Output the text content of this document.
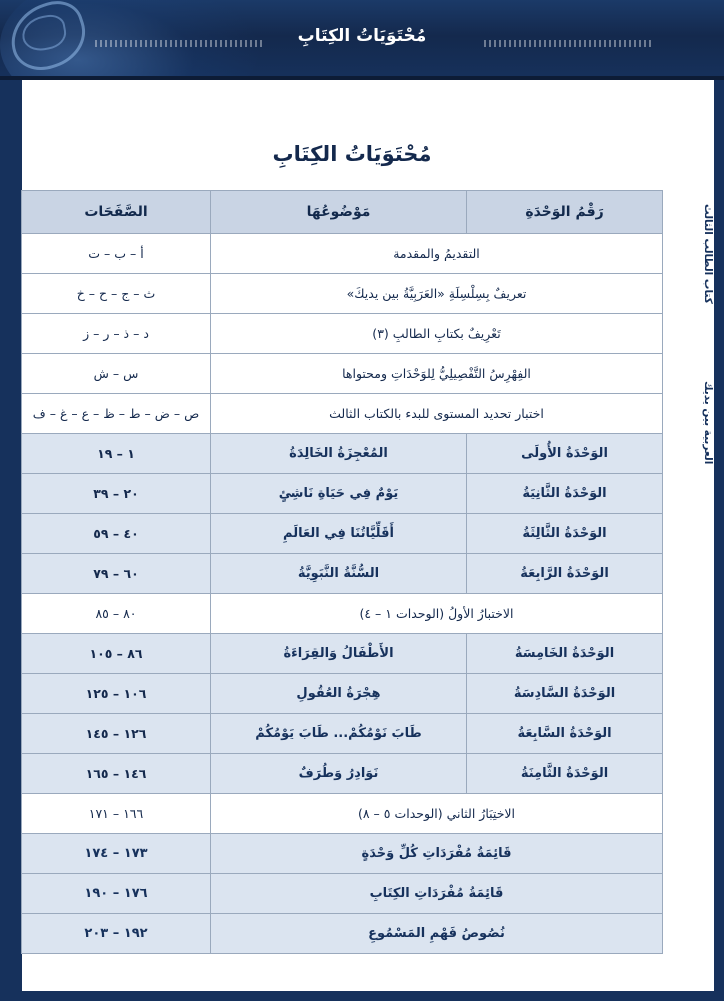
مُحْتَوَيَاتُ الكِتَابِ
العربية بين يديك
كتاب الطالب الثالث
مُحْتَوَيَاتُ الكِتَابِ
رَقْمُ الوَحْدَةِ	مَوْضُوعُهَا	الصَّفَحَات
التقديمُ والمقدمة		أ – ب – ت
تعريفٌ بِسِلْسِلَةِ «العَرَبِيَّةُ بين يديكَ»		ث – ج – ح – خ
تَعْرِيفٌ بكتابِ الطالبِ (٣)		د – ذ – ر – ز
الفِهْرِسُ التَّفْصِيلِيُّ لِلوَحْدَاتِ ومحتواها		س – ش
اختبار تحديد المستوى للبدء بالكتاب الثالث		ص – ض – ط – ظ – ع – غ – ف
الوَحْدَةُ الأُولَى	المُعْجِزَةُ الخَالِدَةُ	١ – ١٩
الوَحْدَةُ الثَّانِيَةُ	يَوْمٌ فِي حَيَاةِ نَاشِئٍ	٢٠ – ٣٩
الوَحْدَةُ الثَّالِثَةُ	أَقَلِّيَّاتُنَا فِي العَالَمِ	٤٠ – ٥٩
الوَحْدَةُ الرَّابِعَةُ	السُّنَّةُ النَّبَوِيَّةُ	٦٠ – ٧٩
الاختبارُ الأولُ (الوحدات ١ – ٤)		٨٠ – ٨٥
الوَحْدَةُ الخَامِسَةُ	الأَطْفَالُ وَالقِرَاءَةُ	٨٦ – ١٠٥
الوَحْدَةُ السَّادِسَةُ	هِجْرَةُ العُقُولِ	١٠٦ – ١٢٥
الوَحْدَةُ السَّابِعَةُ	طَابَ نَوْمُكُمْ... طَابَ يَوْمُكُمْ	١٢٦ – ١٤٥
الوَحْدَةُ الثَّامِنَةُ	نَوَادِرُ وَطُرَفٌ	١٤٦ – ١٦٥
الاختِبَارُ الثاني (الوحدات ٥ – ٨)		١٦٦ – ١٧١
قَائِمَةُ مُفْرَدَاتِ كُلِّ وَحْدَةٍ		١٧٣ – ١٧٤
قَائِمَةُ مُفْرَدَاتِ الكِتَابِ		١٧٦ – ١٩٠
نُصُوصُ فَهْمِ المَسْمُوعِ		١٩٢ – ٢٠٣
